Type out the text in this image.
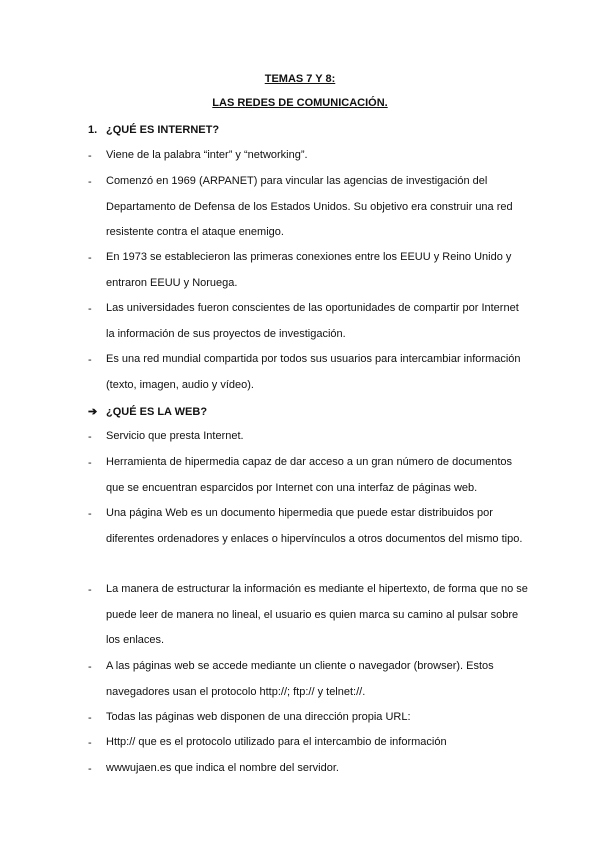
TEMAS 7 Y 8:
LAS REDES DE COMUNICACIÓN.
1. ¿QUÉ ES INTERNET?
- Viene de la palabra “inter” y “networking”.
- Comenzó en 1969 (ARPANET) para vincular las agencias de investigación del Departamento de Defensa de los Estados Unidos. Su objetivo era construir una red resistente contra el ataque enemigo.
- En 1973 se establecieron las primeras conexiones entre los EEUU y Reino Unido y entraron EEUU y Noruega.
- Las universidades fueron conscientes de las oportunidades de compartir por Internet la información de sus proyectos de investigación.
- Es una red mundial compartida por todos sus usuarios para intercambiar información (texto, imagen, audio y vídeo).
➔ ¿QUÉ ES LA WEB?
- Servicio que presta Internet.
- Herramienta de hipermedia capaz de dar acceso a un gran número de documentos que se encuentran esparcidos por Internet con una interfaz de páginas web.
- Una página Web es un documento hipermedia que puede estar distribuidos por diferentes ordenadores y enlaces o hipervínculos a otros documentos del mismo tipo.
- La manera de estructurar la información es mediante el hipertexto, de forma que no se puede leer de manera no lineal, el usuario es quien marca su camino al pulsar sobre los enlaces.
- A las páginas web se accede mediante un cliente o navegador (browser). Estos navegadores usan el protocolo http://; ftp:// y telnet://.
- Todas las páginas web disponen de una dirección propia URL:
- Http:// que es el protocolo utilizado para el intercambio de información
- wwwujaen.es que indica el nombre del servidor.
